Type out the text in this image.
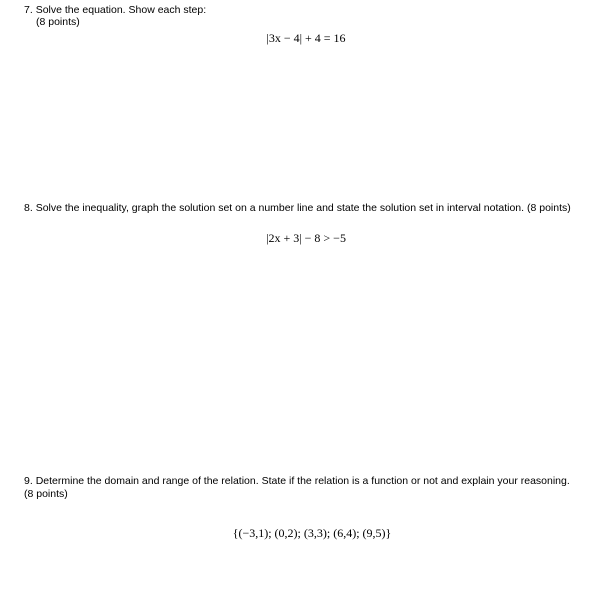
7. Solve the equation. Show each step:
(8 points)
|3x − 4| + 4 = 16
8. Solve the inequality, graph the solution set on a number line and state the solution set in interval notation. (8 points)
|2x + 3| − 8 > −5
9. Determine the domain and range of the relation. State if the relation is a function or not and explain your reasoning.
(8 points)
{(−3,1); (0,2); (3,3); (6,4); (9,5)}
